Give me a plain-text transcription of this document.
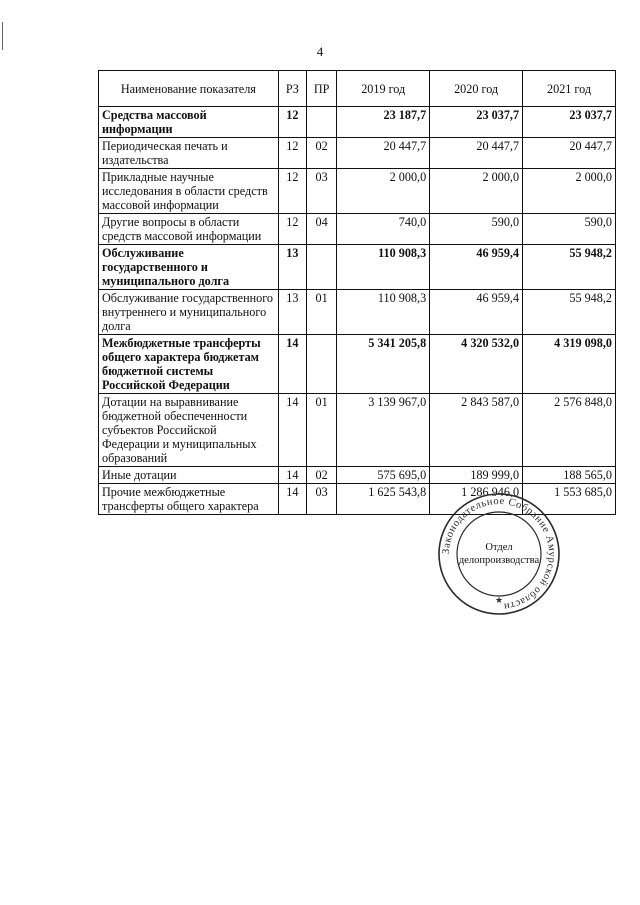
4
Наименование показателя	РЗ	ПР	2019 год	2020 год	2021 год
Средства массовой информации	12		23 187,7	23 037,7	23 037,7
Периодическая печать и издательства	12	02	20 447,7	20 447,7	20 447,7
Прикладные научные исследования в области средств массовой информации	12	03	2 000,0	2 000,0	2 000,0
Другие вопросы в области средств массовой информации	12	04	740,0	590,0	590,0
Обслуживание государственного и муниципального долга	13		110 908,3	46 959,4	55 948,2
Обслуживание государственного внутреннего и муниципального долга	13	01	110 908,3	46 959,4	55 948,2
Межбюджетные трансферты общего характера бюджетам бюджетной системы Российской Федерации	14		5 341 205,8	4 320 532,0	4 319 098,0
Дотации на выравнивание бюджетной обеспеченности субъектов Российской Федерации и муниципальных образований	14	01	3 139 967,0	2 843 587,0	2 576 848,0
Иные дотации	14	02	575 695,0	189 999,0	188 565,0
Прочие межбюджетные трансферты общего характера	14	03	1 625 543,8	1 286 946,0	1 553 685,0
Законодательное Собрание Амурской области
★
Отдел
делопроизводства
